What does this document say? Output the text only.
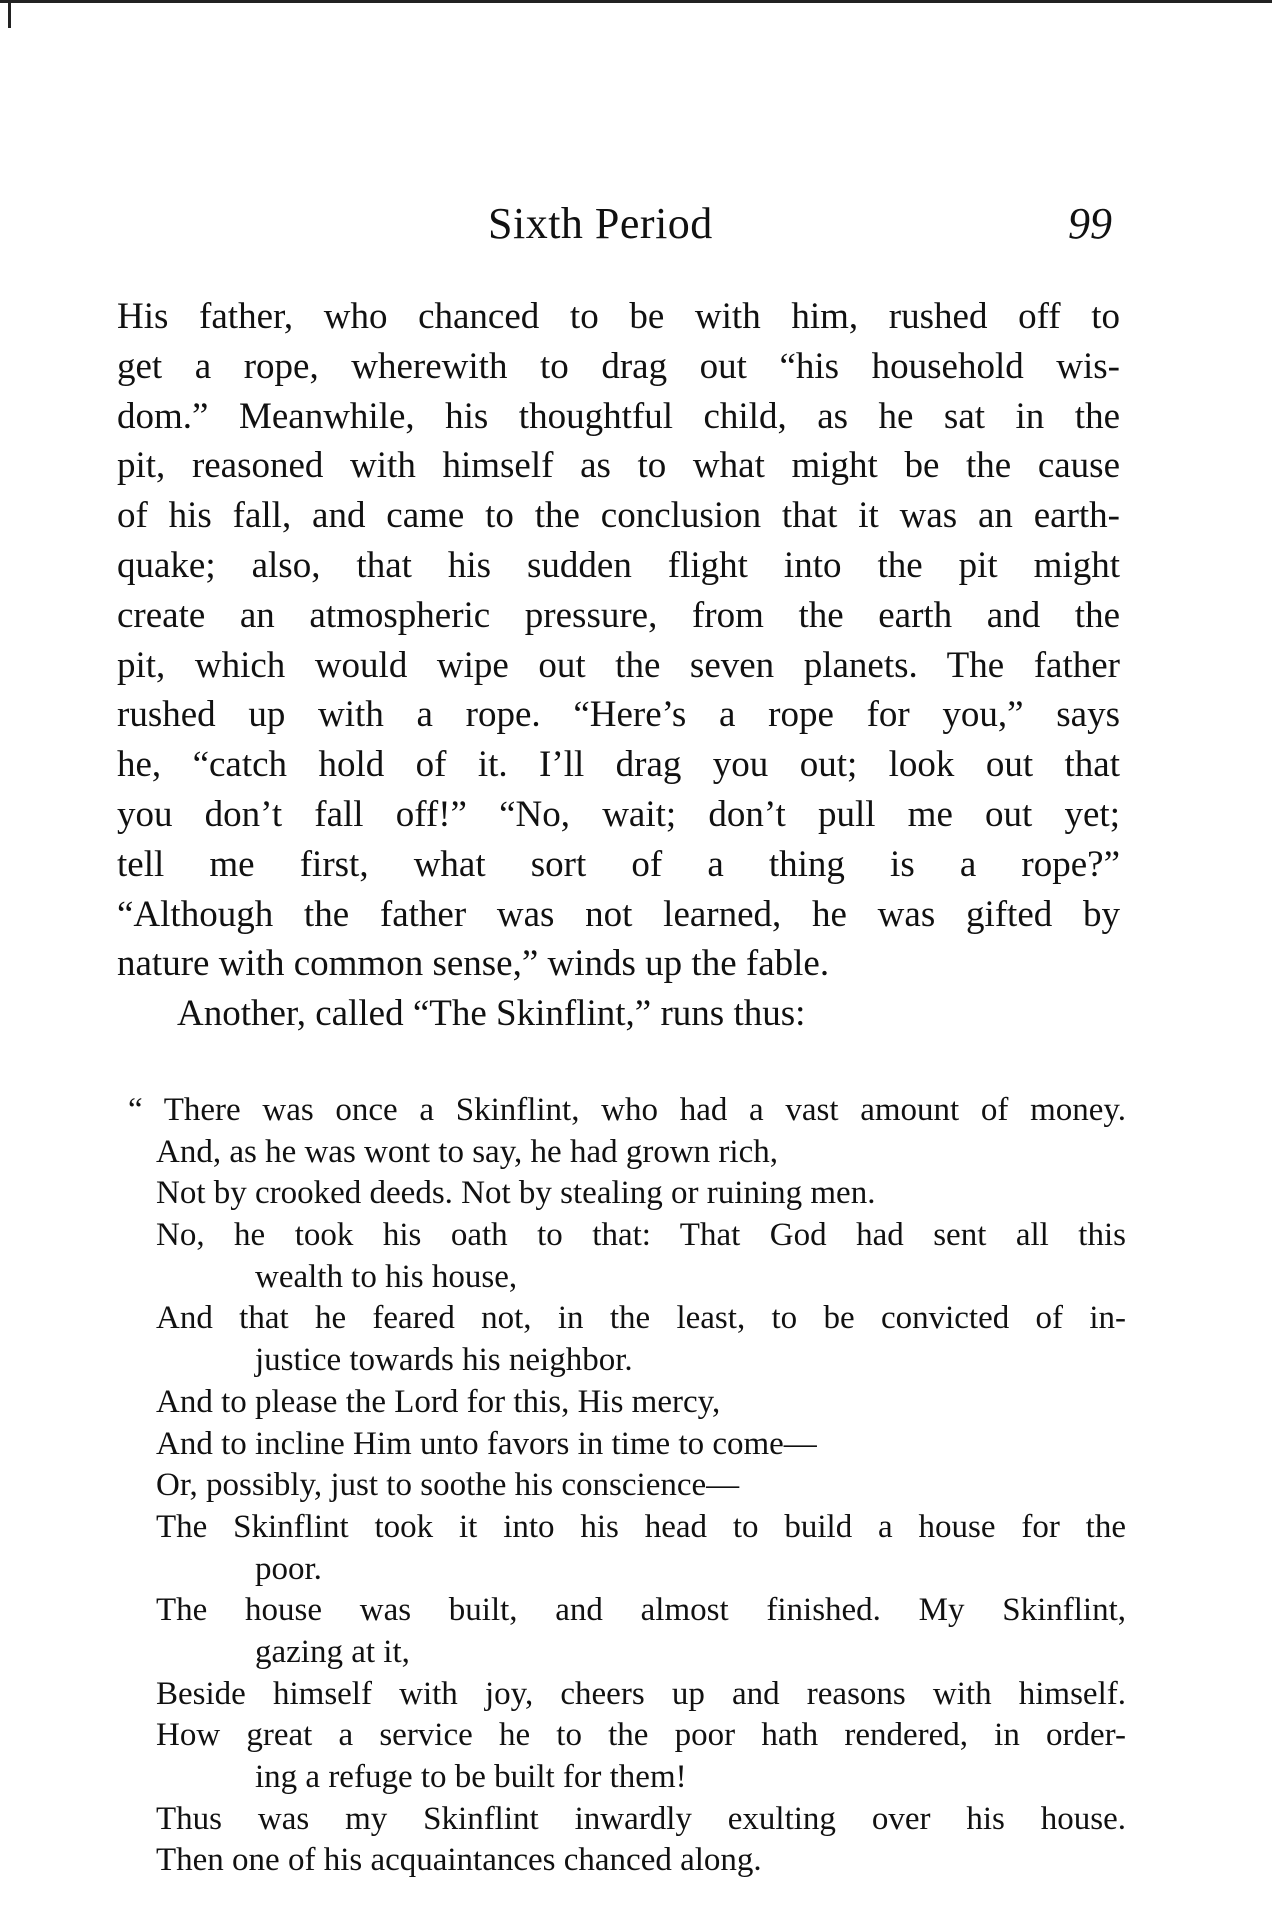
Sixth Period	99
His father, who chanced to be with him, rushed off to
get a rope, wherewith to drag out “his household wis-
dom.” Meanwhile, his thoughtful child, as he sat in the
pit, reasoned with himself as to what might be the cause
of his fall, and came to the conclusion that it was an earth-
quake; also, that his sudden flight into the pit might
create an atmospheric pressure, from the earth and the
pit, which would wipe out the seven planets. The father
rushed up with a rope. “Here’s a rope for you,” says
he, “catch hold of it. I’ll drag you out; look out that
you don’t fall off!” “No, wait; don’t pull me out yet;
tell me first, what sort of a thing is a rope?”
“Although the father was not learned, he was gifted by
nature with common sense,” winds up the fable.
Another, called “The Skinflint,” runs thus:
“ There was once a Skinflint, who had a vast amount of money.
And, as he was wont to say, he had grown rich,
Not by crooked deeds. Not by stealing or ruining men.
No, he took his oath to that: That God had sent all this
wealth to his house,
And that he feared not, in the least, to be convicted of in-
justice towards his neighbor.
And to please the Lord for this, His mercy,
And to incline Him unto favors in time to come—
Or, possibly, just to soothe his conscience—
The Skinflint took it into his head to build a house for the
poor.
The house was built, and almost finished. My Skinflint,
gazing at it,
Beside himself with joy, cheers up and reasons with himself.
How great a service he to the poor hath rendered, in order-
ing a refuge to be built for them!
Thus was my Skinflint inwardly exulting over his house.
Then one of his acquaintances chanced along.
